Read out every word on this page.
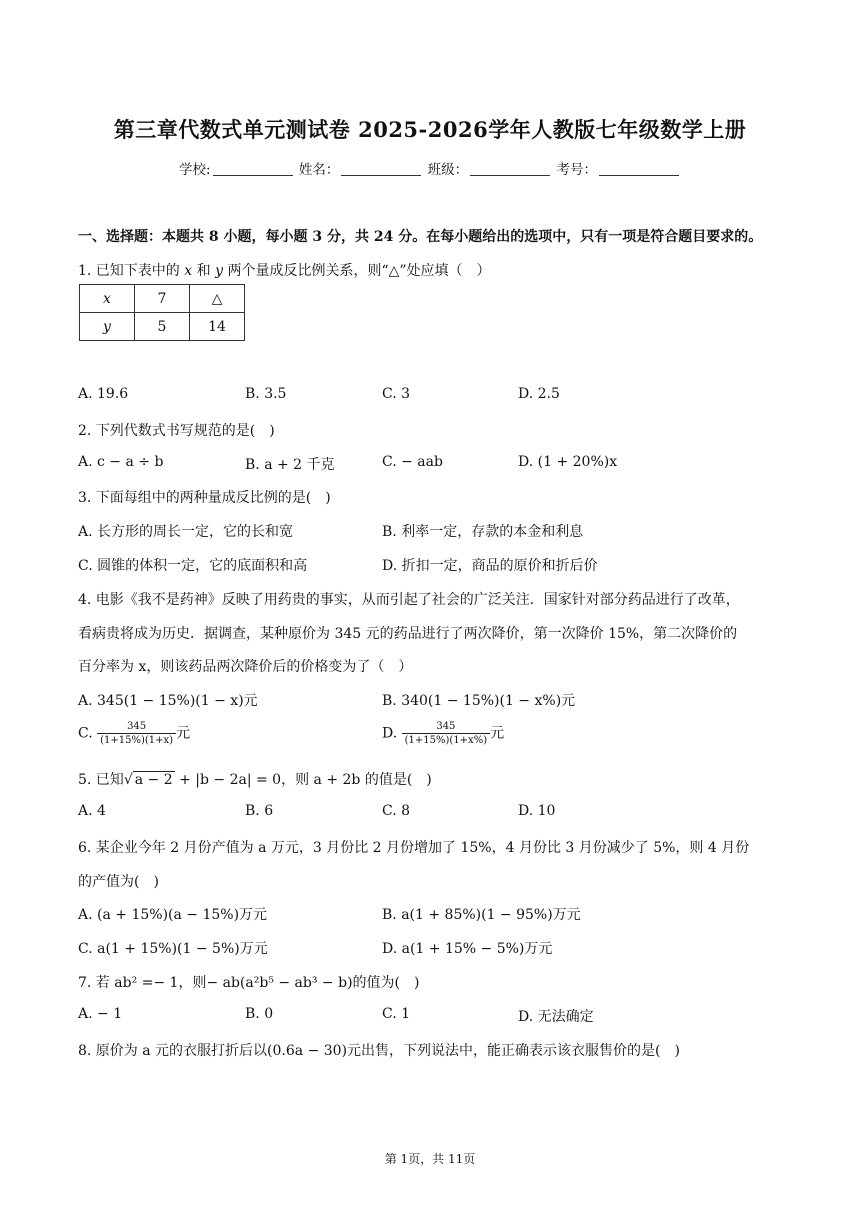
第三章代数式单元测试卷 2025-2026学年人教版七年级数学上册
学校:	姓名：	班级：	考号：
一、选择题：本题共 8 小题，每小题 3 分，共 24 分。在每小题给出的选项中，只有一项是符合题目要求的。
1. 已知下表中的 x 和 y 两个量成反比例关系，则“△”处应填（　）
x	7	△
y	5	14
A. 19.6	B. 3.5	C. 3	D. 2.5
2. 下列代数式书写规范的是(　)
A. c − a ÷ b	B. a + 2 千克	C. − aab	D. (1 + 20%)x
3. 下面每组中的两种量成反比例的是(　)
A. 长方形的周长一定，它的长和宽	B. 利率一定，存款的本金和利息
C. 圆锥的体积一定，它的底面积和高	D. 折扣一定，商品的原价和折后价
4. 电影《我不是药神》反映了用药贵的事实，从而引起了社会的广泛关注．国家针对部分药品进行了改革，
看病贵将成为历史．据调查，某种原价为 345 元的药品进行了两次降价，第一次降价 15%，第二次降价的
百分率为 x，则该药品两次降价后的价格变为了（　）
A. 345(1 − 15%)(1 − x)元	B. 340(1 − 15%)(1 − x%)元
C. $\frac{345}{(1+15\%)(1+x)}$ 元	D. $\frac{345}{(1+15\%)(1+x\%)}$ 元
5. 已知√ a − 2 + |b − 2a| = 0，则 a + 2b 的值是(　)
A. 4	B. 6	C. 8	D. 10
6. 某企业今年 2 月份产值为 a 万元，3 月份比 2 月份增加了 15%，4 月份比 3 月份减少了 5%，则 4 月份
的产值为(　)
A. (a + 15%)(a − 15%)万元	B. a(1 + 85%)(1 − 95%)万元
C. a(1 + 15%)(1 − 5%)万元	D. a(1 + 15% − 5%)万元
7. 若 ab² =− 1，则− ab(a²b⁵ − ab³ − b)的值为(　)
A. − 1	B. 0	C. 1	D. 无法确定
8. 原价为 a 元的衣服打折后以(0.6a − 30)元出售，下列说法中，能正确表示该衣服售价的是(　)
第 1页，共 11页
